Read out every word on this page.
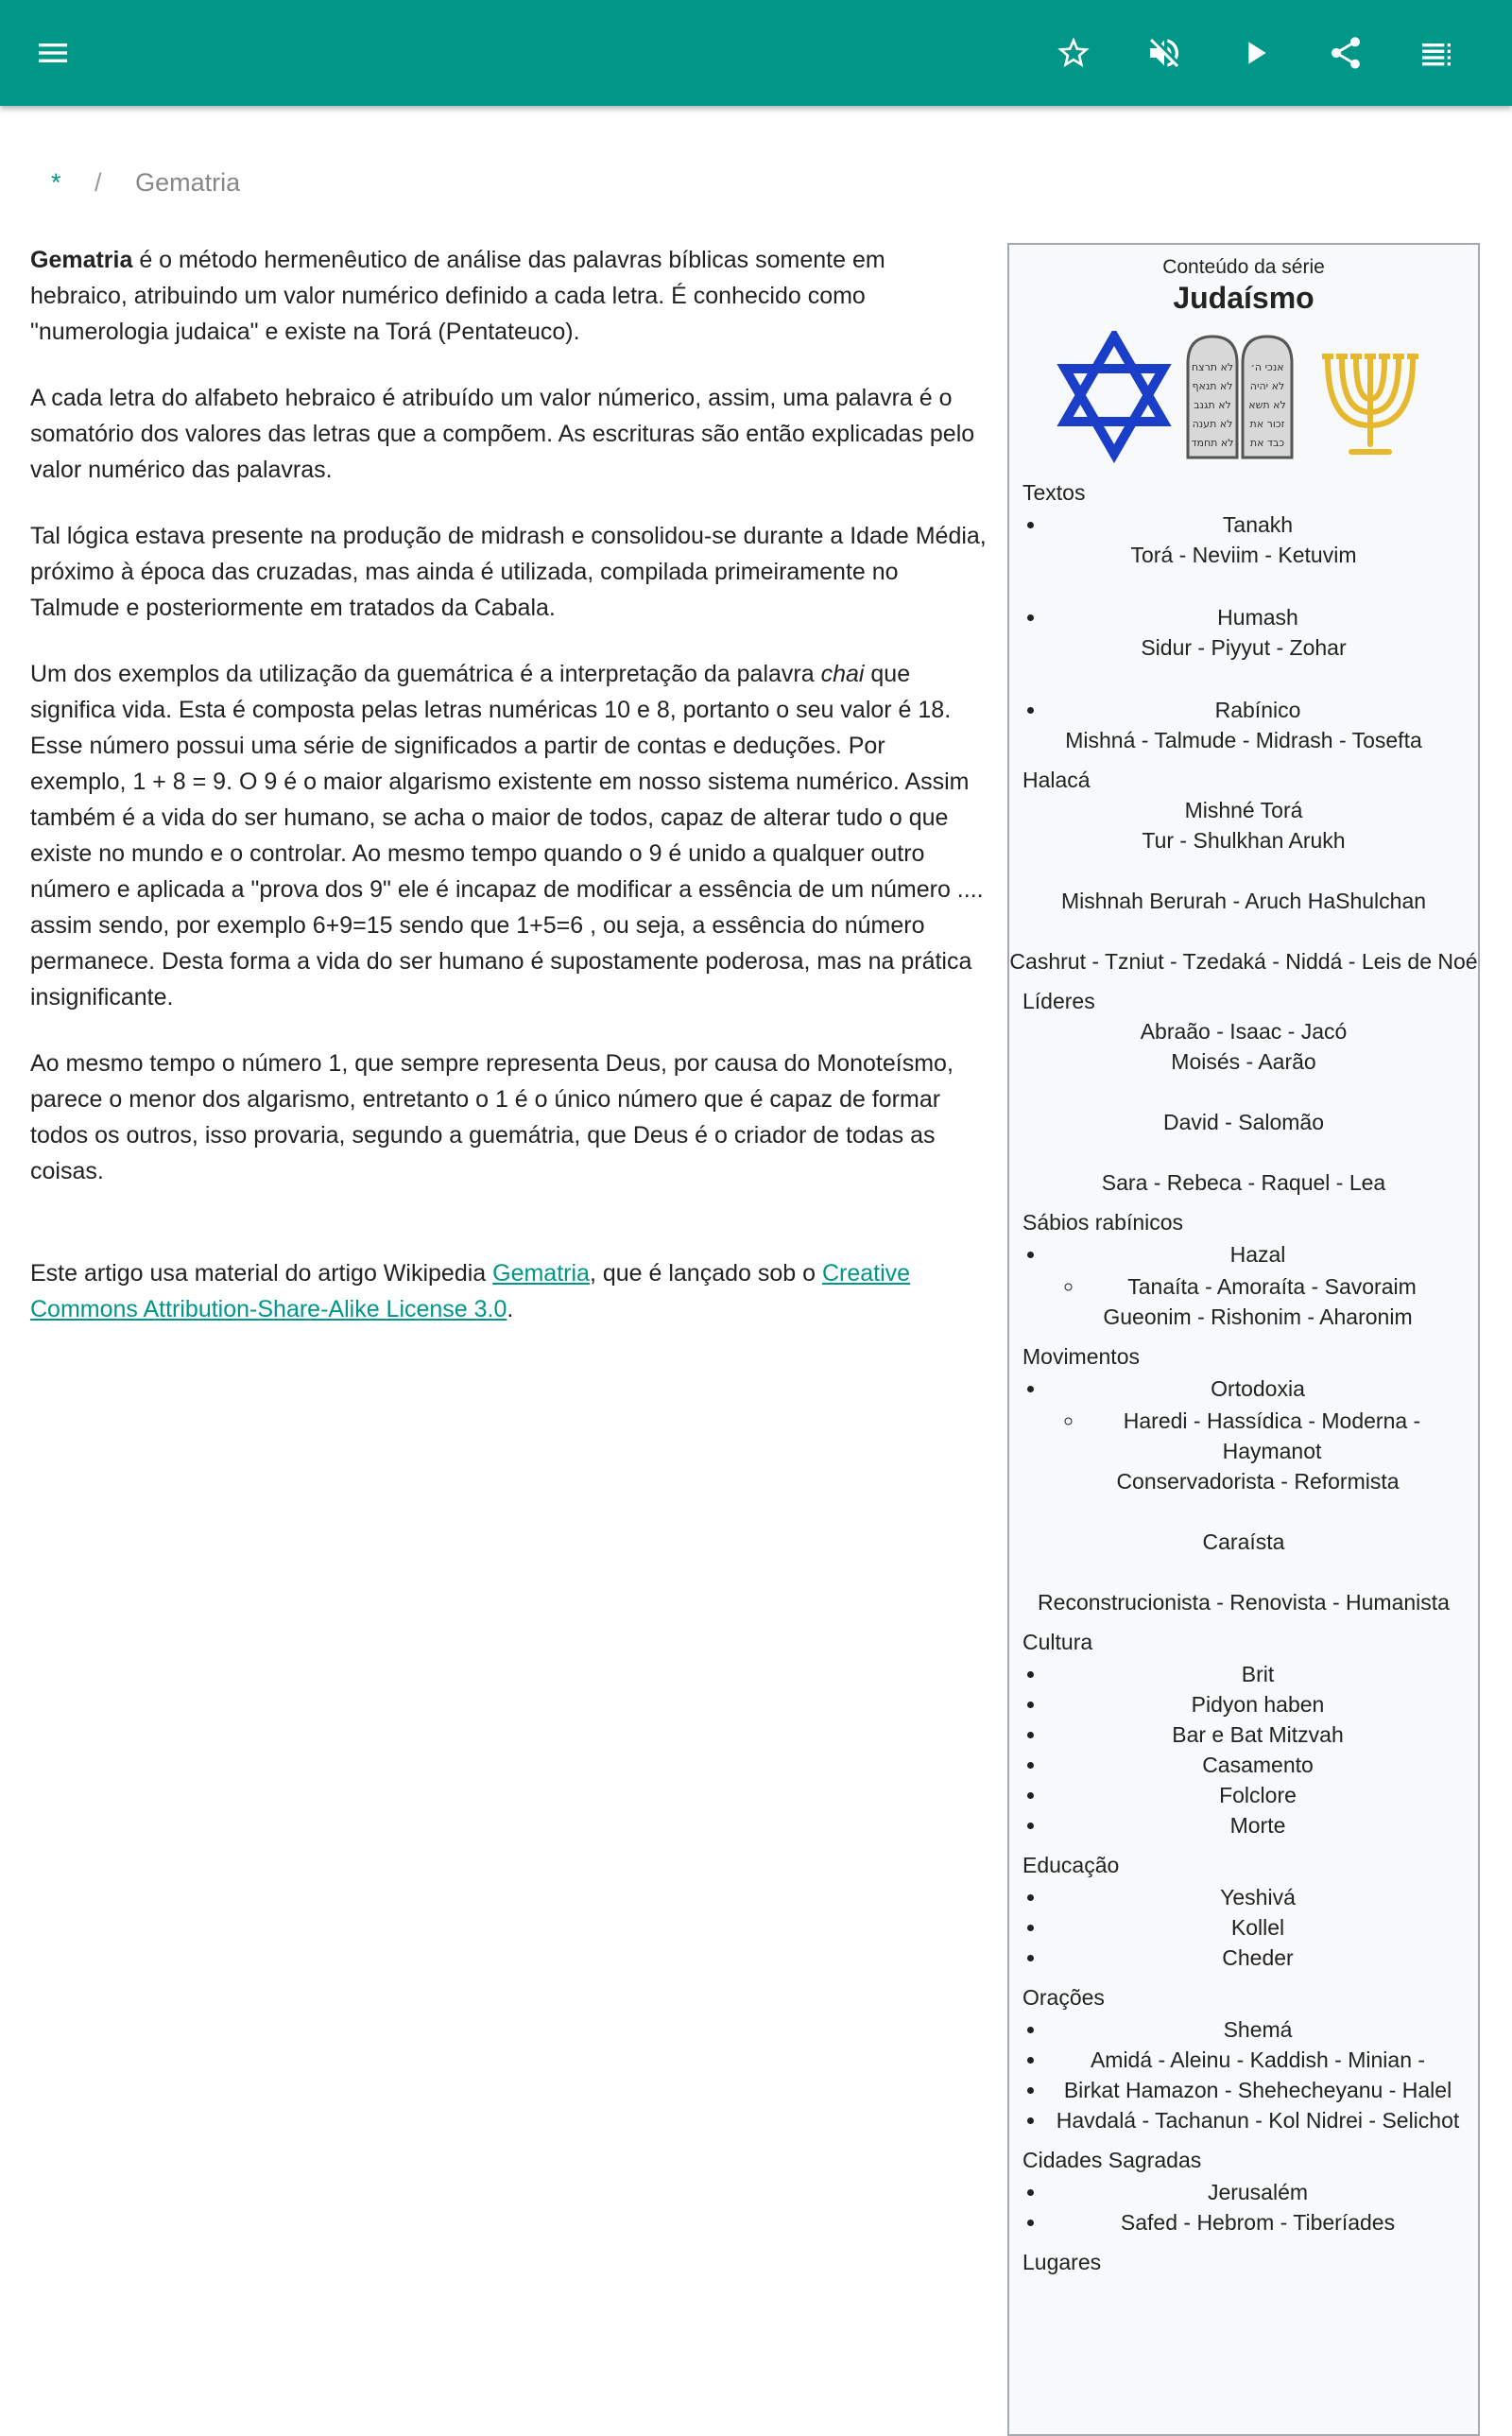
* / Gematria

Gematria é o método hermenêutico de análise das palavras bíblicas somente em hebraico, atribuindo um valor numérico definido a cada letra. É conhecido como "numerologia judaica" e existe na Torá (Pentateuco).

A cada letra do alfabeto hebraico é atribuído um valor númerico, assim, uma palavra é o somatório dos valores das letras que a compõem. As escrituras são então explicadas pelo valor numérico das palavras.

Tal lógica estava presente na produção de midrash e consolidou-se durante a Idade Média, próximo à época das cruzadas, mas ainda é utilizada, compilada primeiramente no Talmude e posteriormente em tratados da Cabala.

Um dos exemplos da utilização da guemátrica é a interpretação da palavra chai que significa vida. Esta é composta pelas letras numéricas 10 e 8, portanto o seu valor é 18. Esse número possui uma série de significados a partir de contas e deduções. Por exemplo, 1 + 8 = 9. O 9 é o maior algarismo existente em nosso sistema numérico. Assim também é a vida do ser humano, se acha o maior de todos, capaz de alterar tudo o que existe no mundo e o controlar. Ao mesmo tempo quando o 9 é unido a qualquer outro número e aplicada a "prova dos 9" ele é incapaz de modificar a essência de um número .... assim sendo, por exemplo 6+9=15 sendo que 1+5=6 , ou seja, a essência do número permanece. Desta forma a vida do ser humano é supostamente poderosa, mas na prática insignificante.

Ao mesmo tempo o número 1, que sempre representa Deus, por causa do Monoteísmo, parece o menor dos algarismo, entretanto o 1 é o único número que é capaz de formar todos os outros, isso provaria, segundo a guemátria, que Deus é o criador de todas as coisas.

Este artigo usa material do artigo Wikipedia Gematria, que é lançado sob o Creative Commons Attribution-Share-Alike License 3.0.

Conteúdo da série
Judaísmo
לא תרצח
לא תנאף
לא תגנב
לא תענה
לא תחמד
אנכי ה׳
לא יהיה
לא תשא
זכור את
כבד את
Textos
• Tanakh
Torá - Neviim - Ketuvim
• Humash
Sidur - Piyyut - Zohar
• Rabínico
Mishná - Talmude - Midrash - Tosefta
Halacá
Mishné Torá
Tur - Shulkhan Arukh
Mishnah Berurah - Aruch HaShulchan
Cashrut - Tzniut - Tzedaká - Niddá - Leis de Noé
Líderes
Abraão - Isaac - Jacó
Moisés - Aarão
David - Salomão
Sara - Rebeca - Raquel - Lea
Sábios rabínicos
• Hazal
◦ Tanaíta - Amoraíta - Savoraim
Gueonim - Rishonim - Aharonim
Movimentos
• Ortodoxia
◦ Haredi - Hassídica - Moderna - Haymanot
Conservadorista - Reformista
Caraísta
Reconstrucionista - Renovista - Humanista
Cultura
• Brit
• Pidyon haben
• Bar e Bat Mitzvah
• Casamento
• Folclore
• Morte
Educação
• Yeshivá
• Kollel
• Cheder
Orações
• Shemá
• Amidá - Aleinu - Kaddish - Minian -
• Birkat Hamazon - Shehecheyanu - Halel
• Havdalá - Tachanun - Kol Nidrei - Selichot
Cidades Sagradas
• Jerusalém
• Safed - Hebrom - Tiberíades
Lugares
